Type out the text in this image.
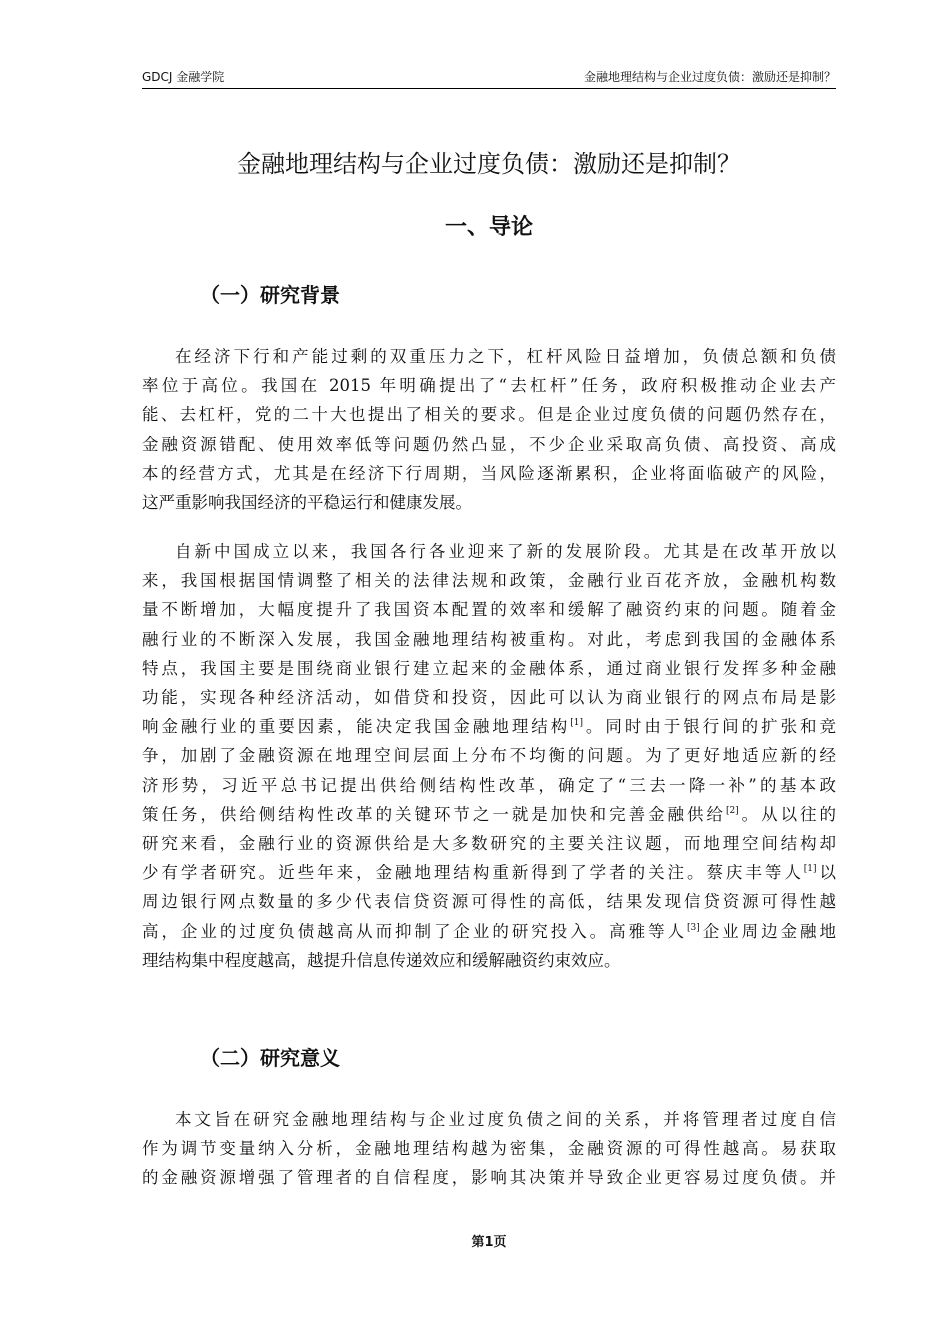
GDCJ 金融学院	金融地理结构与企业过度负债：激励还是抑制？
金融地理结构与企业过度负债：激励还是抑制？
一、导论
（一）研究背景
在经济下行和产能过剩的双重压力之下，杠杆风险日益增加，负债总额和负债
率位于高位。我国在 2015 年明确提出了“去杠杆”任务，政府积极推动企业去产
能、去杠杆，党的二十大也提出了相关的要求。但是企业过度负债的问题仍然存在，
金融资源错配、使用效率低等问题仍然凸显，不少企业采取高负债、高投资、高成
本的经营方式，尤其是在经济下行周期，当风险逐渐累积，企业将面临破产的风险，
这严重影响我国经济的平稳运行和健康发展。
自新中国成立以来，我国各行各业迎来了新的发展阶段。尤其是在改革开放以
来，我国根据国情调整了相关的法律法规和政策，金融行业百花齐放，金融机构数
量不断增加，大幅度提升了我国资本配置的效率和缓解了融资约束的问题。随着金
融行业的不断深入发展，我国金融地理结构被重构。对此，考虑到我国的金融体系
特点，我国主要是围绕商业银行建立起来的金融体系，通过商业银行发挥多种金融
功能，实现各种经济活动，如借贷和投资，因此可以认为商业银行的网点布局是影
响金融行业的重要因素，能决定我国金融地理结构[1]。同时由于银行间的扩张和竞
争，加剧了金融资源在地理空间层面上分布不均衡的问题。为了更好地适应新的经
济形势，习近平总书记提出供给侧结构性改革，确定了“三去一降一补”的基本政
策任务，供给侧结构性改革的关键环节之一就是加快和完善金融供给[2]。从以往的
研究来看，金融行业的资源供给是大多数研究的主要关注议题，而地理空间结构却
少有学者研究。近些年来，金融地理结构重新得到了学者的关注。蔡庆丰等人[1]以
周边银行网点数量的多少代表信贷资源可得性的高低，结果发现信贷资源可得性越
高，企业的过度负债越高从而抑制了企业的研究投入。高雅等人[3]企业周边金融地
理结构集中程度越高，越提升信息传递效应和缓解融资约束效应。
（二）研究意义
本文旨在研究金融地理结构与企业过度负债之间的关系，并将管理者过度自信
作为调节变量纳入分析，金融地理结构越为密集，金融资源的可得性越高。易获取
的金融资源增强了管理者的自信程度，影响其决策并导致企业更容易过度负债。并
第1页
